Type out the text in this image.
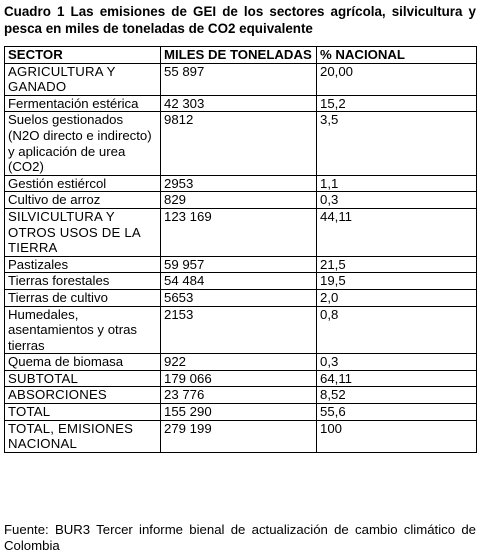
Cuadro 1 Las emisiones de GEI de los sectores agrícola, silvicultura y pesca en miles de toneladas de CO2 equivalente
SECTOR	MILES DE TONELADAS	% NACIONAL
AGRICULTURA Y GANADO	55 897	20,00
Fermentación estérica	42 303	15,2
Suelos gestionados (N2O directo e indirecto) y aplicación de urea (CO2)	9812	3,5
Gestión estiércol	2953	1,1
Cultivo de arroz	829	0,3
SILVICULTURA Y OTROS USOS DE LA TIERRA	123 169	44,11
Pastizales	59 957	21,5
Tierras forestales	54 484	19,5
Tierras de cultivo	5653	2,0
Humedales, asentamientos y otras tierras	2153	0,8
Quema de biomasa	922	0,3
SUBTOTAL	179 066	64,11
ABSORCIONES	23 776	8,52
TOTAL	155 290	55,6
TOTAL, EMISIONES NACIONAL	279 199	100
Fuente: BUR3 Tercer informe bienal de actualización de cambio climático de Colombia
